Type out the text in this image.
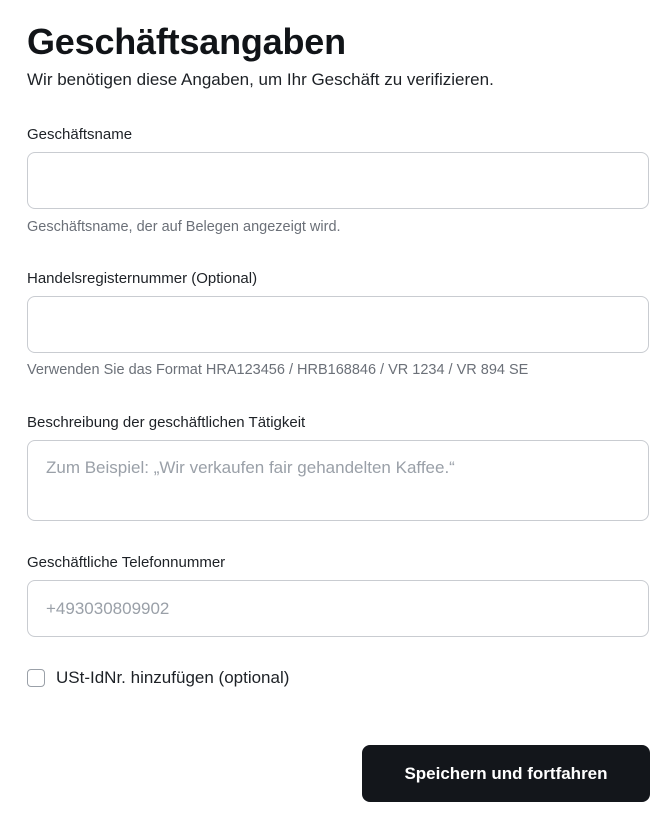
Geschäftsangaben

Wir benötigen diese Angaben, um Ihr Geschäft zu verifizieren.

Geschäftsname
Geschäftsname, der auf Belegen angezeigt wird.
Handelsregisternummer (Optional)
Verwenden Sie das Format HRA123456 / HRB168846 / VR 1234 / VR 894 SE
Beschreibung der geschäftlichen Tätigkeit
Zum Beispiel: „Wir verkaufen fair gehandelten Kaffee.“
Geschäftliche Telefonnummer
+493030809902
USt-IdNr. hinzufügen (optional)
Speichern und fortfahren
